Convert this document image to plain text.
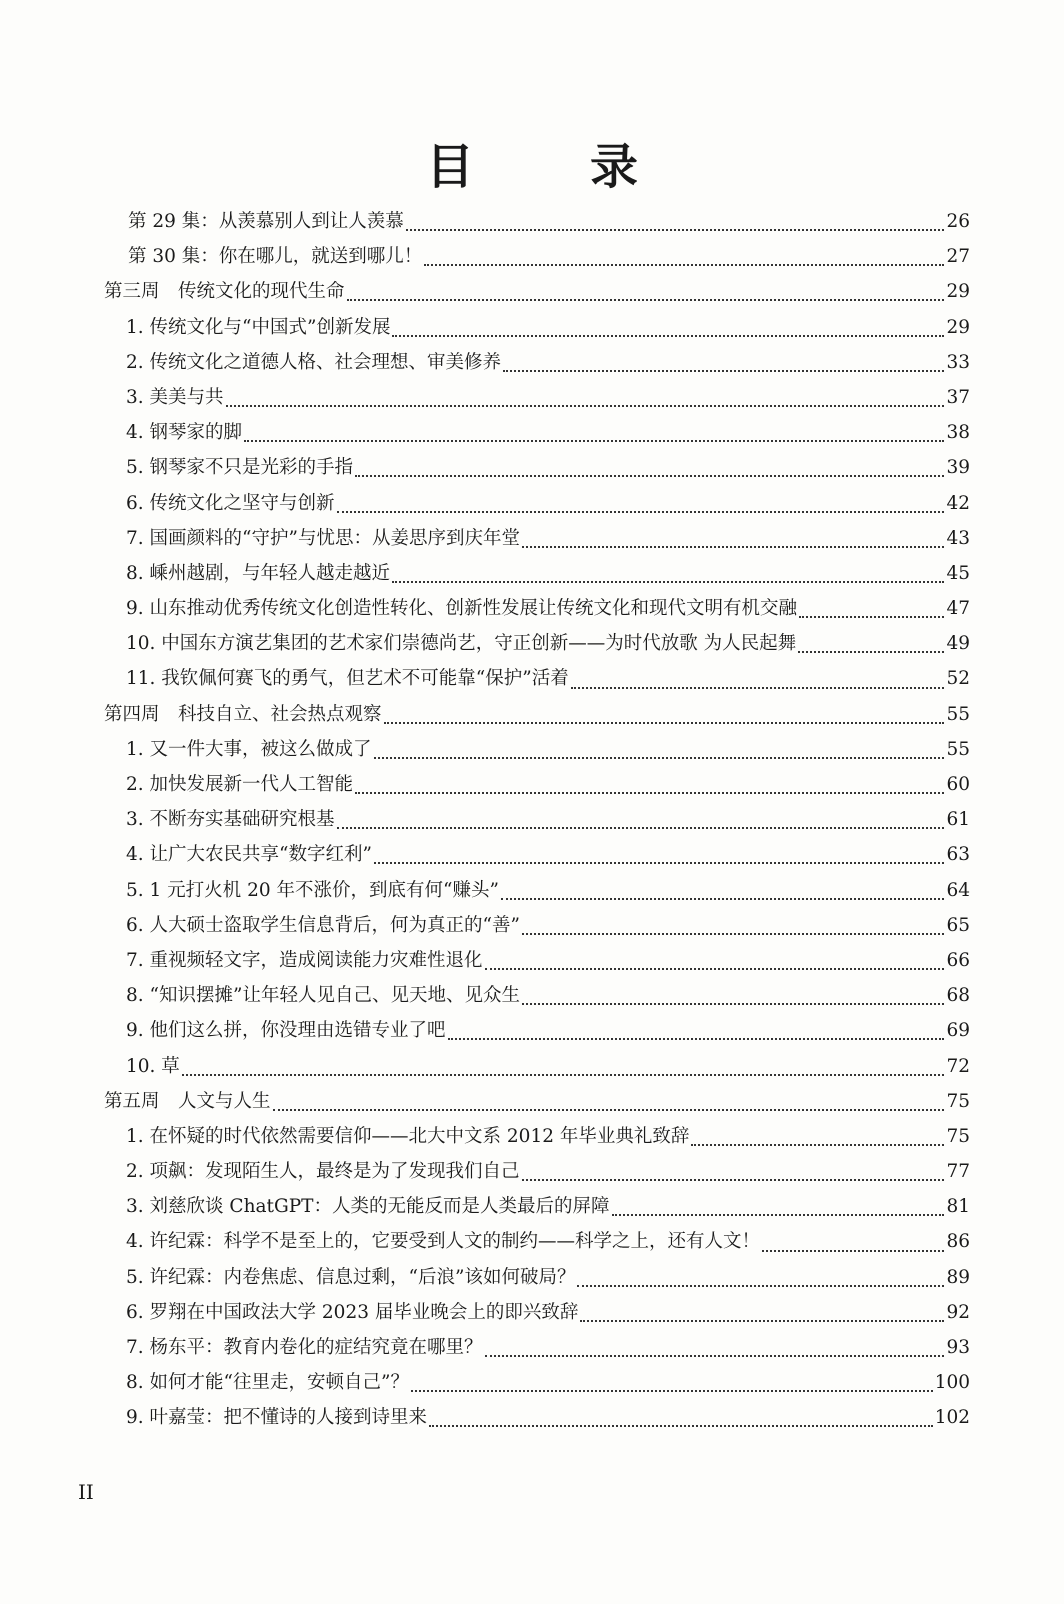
目　录
第 29 集：从羡慕别人到让人羡慕	26
第 30 集：你在哪儿，就送到哪儿！	27
第三周　传统文化的现代生命	29
1. 传统文化与“中国式”创新发展	29
2. 传统文化之道德人格、社会理想、审美修养	33
3. 美美与共	37
4. 钢琴家的脚	38
5. 钢琴家不只是光彩的手指	39
6. 传统文化之坚守与创新	42
7. 国画颜料的“守护”与忧思：从姜思序到庆年堂	43
8. 嵊州越剧，与年轻人越走越近	45
9. 山东推动优秀传统文化创造性转化、创新性发展让传统文化和现代文明有机交融	47
10. 中国东方演艺集团的艺术家们崇德尚艺，守正创新——为时代放歌 为人民起舞	49
11. 我钦佩何赛飞的勇气，但艺术不可能靠“保护”活着	52
第四周　科技自立、社会热点观察	55
1. 又一件大事，被这么做成了	55
2. 加快发展新一代人工智能	60
3. 不断夯实基础研究根基	61
4. 让广大农民共享“数字红利”	63
5. 1 元打火机 20 年不涨价，到底有何“赚头”	64
6. 人大硕士盗取学生信息背后，何为真正的“善”	65
7. 重视频轻文字，造成阅读能力灾难性退化	66
8. “知识摆摊”让年轻人见自己、见天地、见众生	68
9. 他们这么拼，你没理由选错专业了吧	69
10. 草	72
第五周　人文与人生	75
1. 在怀疑的时代依然需要信仰——北大中文系 2012 年毕业典礼致辞	75
2. 项飙：发现陌生人，最终是为了发现我们自己	77
3. 刘慈欣谈 ChatGPT：人类的无能反而是人类最后的屏障	81
4. 许纪霖：科学不是至上的，它要受到人文的制约——科学之上，还有人文！	86
5. 许纪霖：内卷焦虑、信息过剩，“后浪”该如何破局？	89
6. 罗翔在中国政法大学 2023 届毕业晚会上的即兴致辞	92
7. 杨东平：教育内卷化的症结究竟在哪里？	93
8. 如何才能“往里走，安顿自己”？	100
9. 叶嘉莹：把不懂诗的人接到诗里来	102
II
